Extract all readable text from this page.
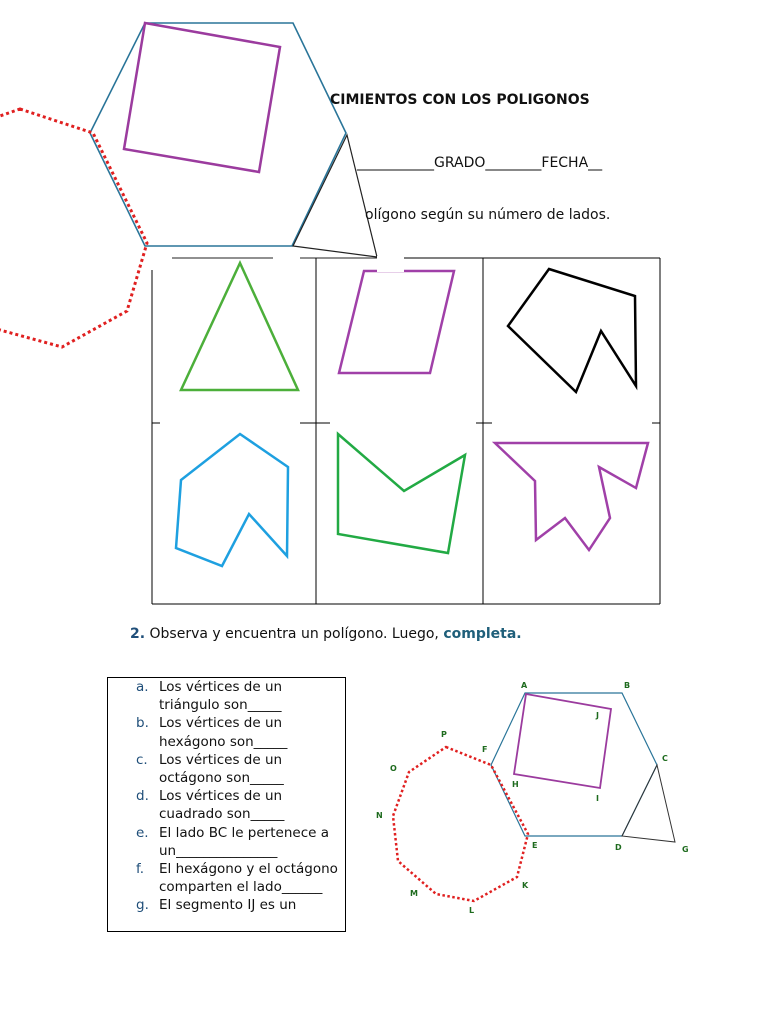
CIMIENTOS CON LOS POLIGONOS
___________GRADO________FECHA__
olígono según su número de lados.
2. Observa y encuentra un polígono. Luego, completa.
a. Los vértices de un triángulo son_____
b. Los vértices de un hexágono son_____
c. Los vértices de un octágono son_____
d. Los vértices de un cuadrado son_____
e. El lado BC le pertenece a un_______________
f. El hexágono y el octágono comparten el lado______
g. El segmento IJ es un
A	B
C
D
E
F
G
H
I
J
K
L
M
N
O
P
